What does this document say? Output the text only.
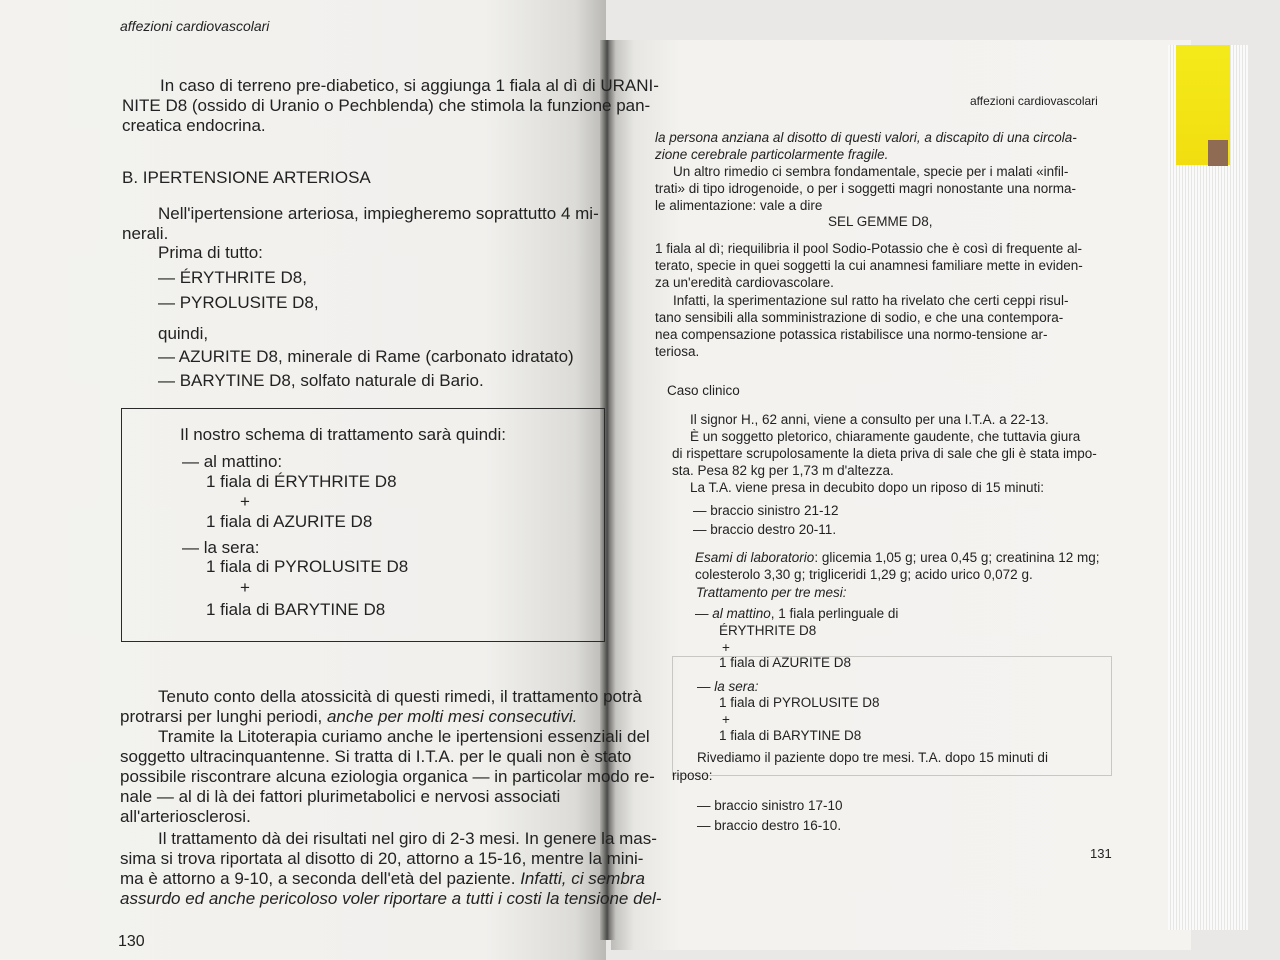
affezioni cardiovascolari
In caso di terreno pre-diabetico, si aggiunga 1 fiala al dì di URANI-
NITE D8 (ossido di Uranio o Pechblenda) che stimola la funzione pan-
creatica endocrina.
B. IPERTENSIONE ARTERIOSA
Nell'ipertensione arteriosa, impiegheremo soprattutto 4 mi-
nerali.
Prima di tutto:
— ÉRYTHRITE D8,
— PYROLUSITE D8,
quindi,
— AZURITE D8, minerale di Rame (carbonato idratato)
— BARYTINE D8, solfato naturale di Bario.
Il nostro schema di trattamento sarà quindi:
— al mattino:
1 fiala di ÉRYTHRITE D8
+
1 fiala di AZURITE D8
— la sera:
1 fiala di PYROLUSITE D8
+
1 fiala di BARYTINE D8
Tenuto conto della atossicità di questi rimedi, il trattamento potrà
protrarsi per lunghi periodi, anche per molti mesi consecutivi.
Tramite la Litoterapia curiamo anche le ipertensioni essenziali del
soggetto ultracinquantenne. Si tratta di I.T.A. per le quali non è stato
possibile riscontrare alcuna eziologia organica — in particolar modo re-
nale — al di là dei fattori plurimetabolici e nervosi associati
all'arteriosclerosi.
Il trattamento dà dei risultati nel giro di 2-3 mesi. In genere la mas-
sima si trova riportata al disotto di 20, attorno a 15-16, mentre la mini-
ma è attorno a 9-10, a seconda dell'età del paziente. Infatti, ci sembra
assurdo ed anche pericoloso voler riportare a tutti i costi la tensione del-
130
affezioni cardiovascolari
la persona anziana al disotto di questi valori, a discapito di una circola-
zione cerebrale particolarmente fragile.
Un altro rimedio ci sembra fondamentale, specie per i malati «infil-
trati» di tipo idrogenoide, o per i soggetti magri nonostante una norma-
le alimentazione: vale a dire
SEL GEMME D8,
1 fiala al dì; riequilibria il pool Sodio-Potassio che è così di frequente al-
terato, specie in quei soggetti la cui anamnesi familiare mette in eviden-
za un'eredità cardiovascolare.
Infatti, la sperimentazione sul ratto ha rivelato che certi ceppi risul-
tano sensibili alla somministrazione di sodio, e che una contempora-
nea compensazione potassica ristabilisce una normo-tensione ar-
teriosa.
Caso clinico
Il signor H., 62 anni, viene a consulto per una I.T.A. a 22-13.
È un soggetto pletorico, chiaramente gaudente, che tuttavia giura
di rispettare scrupolosamente la dieta priva di sale che gli è stata impo-
sta. Pesa 82 kg per 1,73 m d'altezza.
La T.A. viene presa in decubito dopo un riposo di 15 minuti:
— braccio sinistro 21-12
— braccio destro 20-11.
Esami di laboratorio: glicemia 1,05 g; urea 0,45 g; creatinina 12 mg;
colesterolo 3,30 g; trigliceridi 1,29 g; acido urico 0,072 g.
Trattamento per tre mesi:
— al mattino, 1 fiala perlinguale di
ÉRYTHRITE D8
+
1 fiala di AZURITE D8
— la sera:
1 fiala di PYROLUSITE D8
+
1 fiala di BARYTINE D8
Rivediamo il paziente dopo tre mesi. T.A. dopo 15 minuti di
riposo:
— braccio sinistro 17-10
— braccio destro 16-10.
131
